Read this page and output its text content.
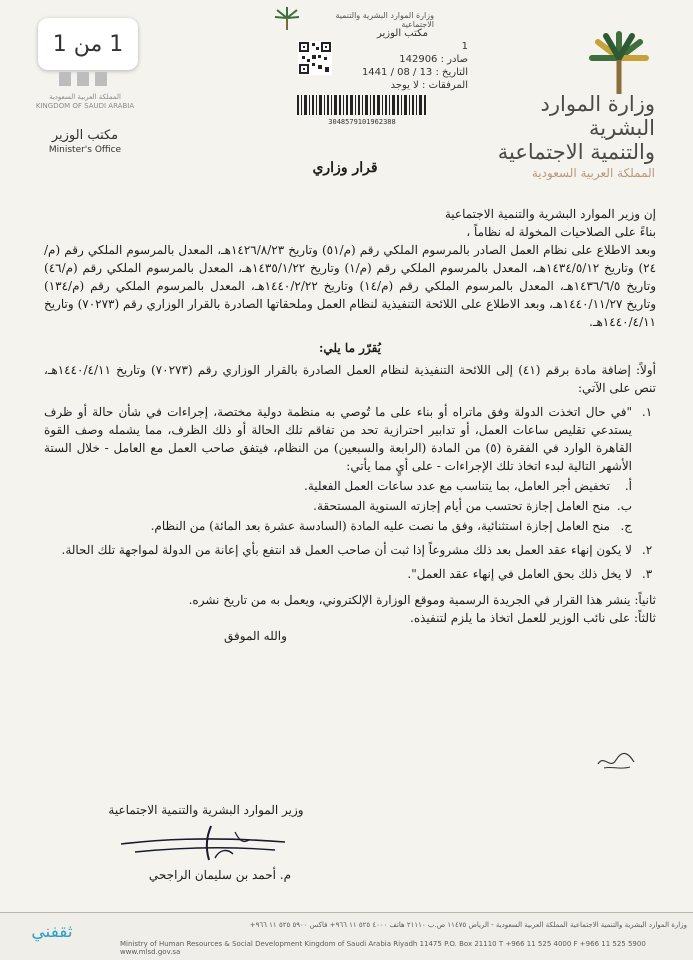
1 من 1
المملكة العربية السعودية
KINGDOM OF SAUDI ARABIA
مكتب الوزير
Minister's Office
وزارة الموارد البشرية والتنمية الاجتماعية
مكتب الوزير
1
صادر : 142906
التاريخ : 1441 / 08 / 13
المرفقات : لا يوجد
3048579101962388
وزارة الموارد البشرية
والتنمية الاجتماعية
المملكة العربية السعودية
قرار وزاري

إن وزير الموارد البشرية والتنمية الاجتماعية

بناءً على الصلاحيات المخولة له نظاماً ،

وبعد الاطلاع على نظام العمل الصادر بالمرسوم الملكي رقم (م/٥١) وتاريخ ١٤٢٦/٨/٢٣هـ، المعدل بالمرسوم الملكي رقم (م/٢٤) وتاريخ ١٤٣٤/٥/١٢هـ، المعدل بالمرسوم الملكي رقم (م/١) وتاريخ ١٤٣٥/١/٢٢هـ، المعدل بالمرسوم الملكي رقم (م/٤٦) وتاريخ ١٤٣٦/٦/٥هـ، المعدل بالمرسوم الملكي رقم (م/١٤) وتاريخ ١٤٤٠/٢/٢٢هـ، المعدل بالمرسوم الملكي رقم (م/١٣٤) وتاريخ ١٤٤٠/١١/٢٧هـ، وبعد الاطلاع على اللائحة التنفيذية لنظام العمل وملحقاتها الصادرة بالقرار الوزاري رقم (٧٠٢٧٣) وتاريخ ١٤٤٠/٤/١١هـ.

يُقرّر ما يلي:

أولاً: إضافة مادة برقم (٤١) إلى اللائحة التنفيذية لنظام العمل الصادرة بالقرار الوزاري رقم (٧٠٢٧٣) وتاريخ ١٤٤٠/٤/١١هـ، تنص على الآتي:

١.
"في حال اتخذت الدولة وفق ماتراه أو بناء على ما تُوصي به منظمة دولية مختصة، إجراءات في شأن حالة أو ظرف يستدعي تقليص ساعات العمل، أو تدابير احترازية تحد من تفاقم تلك الحالة أو ذلك الظرف، مما يشمله وصف القوة القاهرة الوارد في الفقرة (٥) من المادة (الرابعة والسبعين) من النظام، فيتفق صاحب العمل مع العامل - خلال الستة الأشهر التالية لبدء اتخاذ تلك الإجراءات - على أيٍ مما يأتي:
أ.
تخفيض أجر العامل، بما يتناسب مع عدد ساعات العمل الفعلية.
ب.
منح العامل إجازة تحتسب من أيام إجازته السنوية المستحقة.
ج.
منح العامل إجازة استثنائية، وفق ما نصت عليه المادة (السادسة عشرة بعد المائة) من النظام.
٢.
لا يكون إنهاء عقد العمل بعد ذلك مشروعاً إذا ثبت أن صاحب العمل قد انتفع بأي إعانة من الدولة لمواجهة تلك الحالة.
٣.
لا يخل ذلك بحق العامل في إنهاء عقد العمل".

ثانياً: ينشر هذا القرار في الجريدة الرسمية وموقع الوزارة الإلكتروني، ويعمل به من تاريخ نشره.

ثالثاً: على نائب الوزير للعمل اتخاذ ما يلزم لتنفيذه.

والله الموفق

وزير الموارد البشرية والتنمية الاجتماعية
م. أحمد بن سليمان الراجحي
وزارة الموارد البشرية والتنمية الاجتماعية المملكة العربية السعودية - الرياض ١١٤٧٥ ص.ب ٢١١١٠ هاتف ٤٠٠٠ ٥٢٥ ١١ ٩٦٦+ فاكس ٥٩٠٠ ٥٢٥ ١١ ٩٦٦+
Ministry of Human Resources & Social Development Kingdom of Saudi Arabia Riyadh 11475 P.O. Box 21110 T +966 11 525 4000 F +966 11 525 5900 www.mlsd.gov.sa
ثقفني
